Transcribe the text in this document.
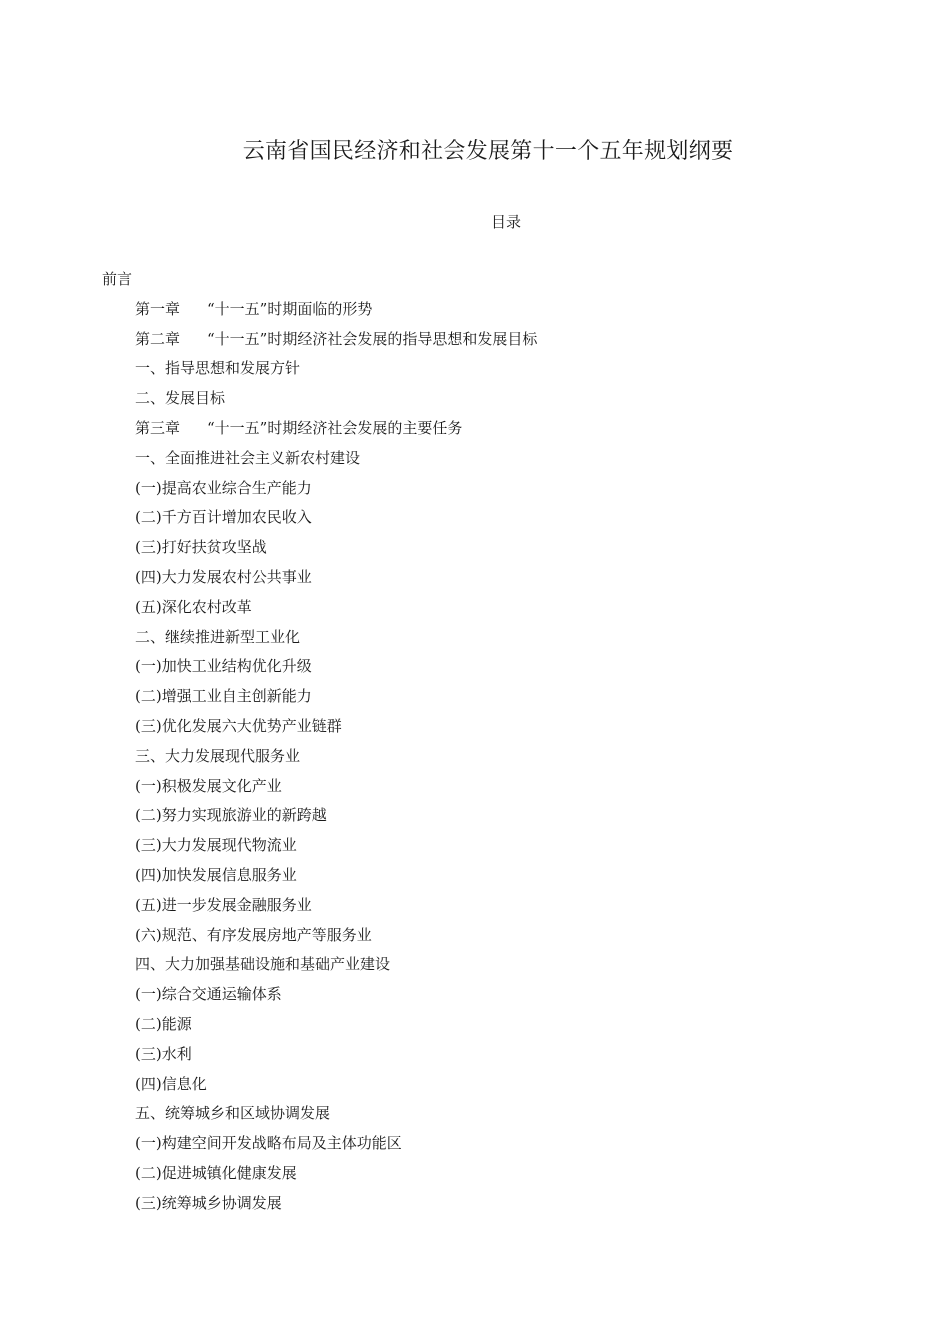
云南省国民经济和社会发展第十一个五年规划纲要
目录
前言
第一章 “十一五”时期面临的形势
第二章 “十一五”时期经济社会发展的指导思想和发展目标
一、指导思想和发展方针
二、发展目标
第三章 “十一五”时期经济社会发展的主要任务
一、全面推进社会主义新农村建设
(一)提高农业综合生产能力
(二)千方百计增加农民收入
(三)打好扶贫攻坚战
(四)大力发展农村公共事业
(五)深化农村改革
二、继续推进新型工业化
(一)加快工业结构优化升级
(二)增强工业自主创新能力
(三)优化发展六大优势产业链群
三、大力发展现代服务业
(一)积极发展文化产业
(二)努力实现旅游业的新跨越
(三)大力发展现代物流业
(四)加快发展信息服务业
(五)进一步发展金融服务业
(六)规范、有序发展房地产等服务业
四、大力加强基础设施和基础产业建设
(一)综合交通运输体系
(二)能源
(三)水利
(四)信息化
五、统筹城乡和区域协调发展
(一)构建空间开发战略布局及主体功能区
(二)促进城镇化健康发展
(三)统筹城乡协调发展
